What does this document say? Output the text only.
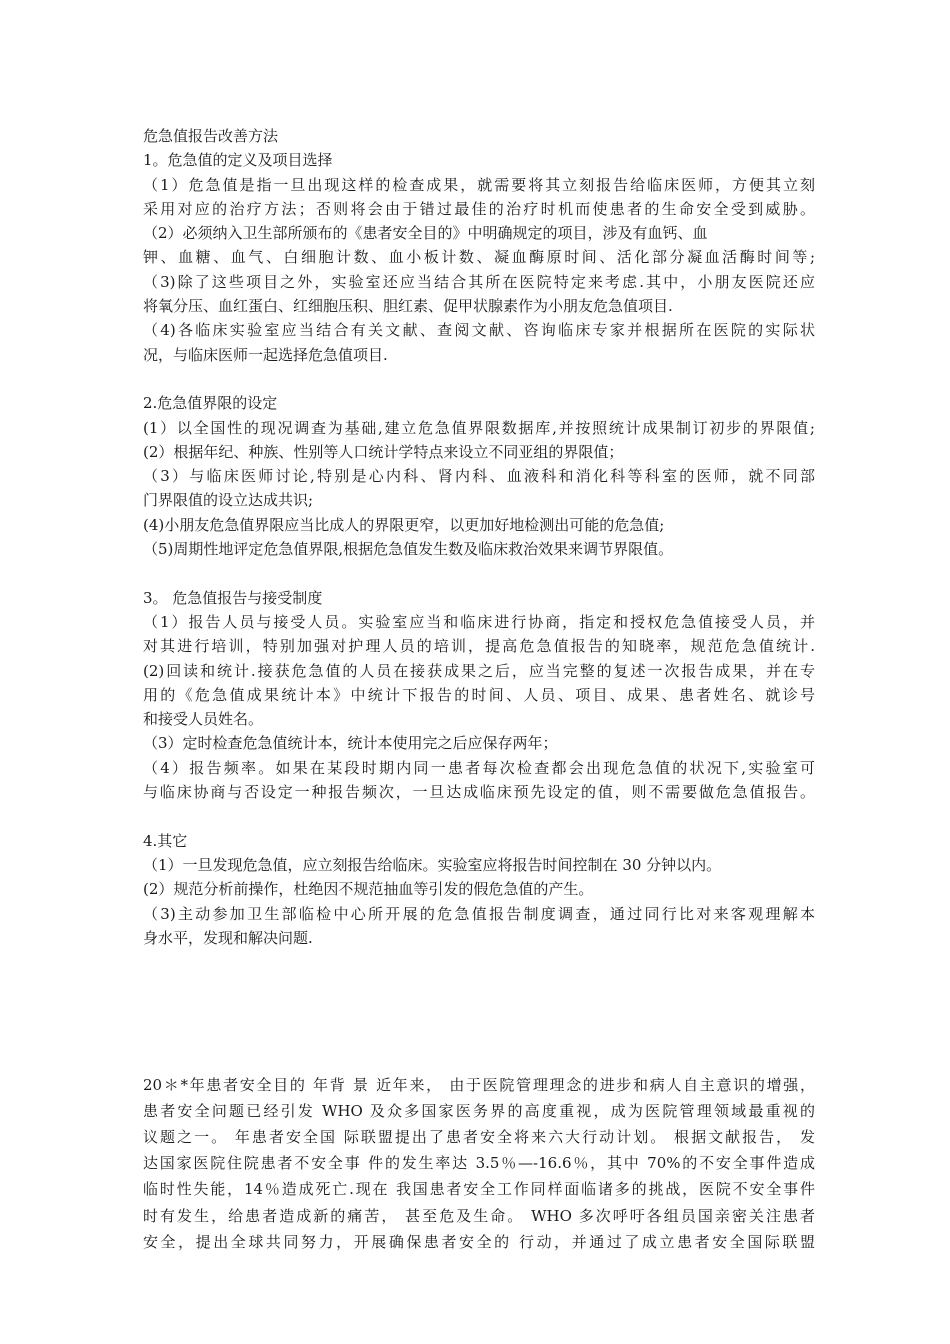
危急值报告改善方法
1。危急值的定义及项目选择
（1）危急值是指一旦出现这样的检查成果，就需要将其立刻报告给临床医师，方便其立刻
采用对应的治疗方法；否则将会由于错过最佳的治疗时机而使患者的生命安全受到威胁。
（2）必须纳入卫生部所颁布的《患者安全目的》中明确规定的项目，涉及有血钙、血
钾、血糖、血气、白细胞计数、血小板计数、凝血酶原时间、活化部分凝血活酶时间等;
（3)除了这些项目之外，实验室还应当结合其所在医院特定来考虑.其中，小朋友医院还应
将氧分压、血红蛋白、红细胞压积、胆红素、促甲状腺素作为小朋友危急值项目.
（4)各临床实验室应当结合有关文献、查阅文献、咨询临床专家并根据所在医院的实际状
况，与临床医师一起选择危急值项目.
2.危急值界限的设定
(1）以全国性的现况调查为基础,建立危急值界限数据库,并按照统计成果制订初步的界限值;
(2）根据年纪、种族、性别等人口统计学特点来设立不同亚组的界限值；
（3）与临床医师讨论,特别是心内科、肾内科、血液科和消化科等科室的医师，就不同部
门界限值的设立达成共识;
(4)小朋友危急值界限应当比成人的界限更窄，以更加好地检测出可能的危急值;
（5)周期性地评定危急值界限,根据危急值发生数及临床救治效果来调节界限值。
3。 危急值报告与接受制度
（1）报告人员与接受人员。实验室应当和临床进行协商，指定和授权危急值接受人员，并
对其进行培训，特别加强对护理人员的培训，提高危急值报告的知晓率，规范危急值统计.
(2)回读和统计.接获危急值的人员在接获成果之后，应当完整的复述一次报告成果，并在专
用的《危急值成果统计本》中统计下报告的时间、人员、项目、成果、患者姓名、就诊号
和接受人员姓名。
（3）定时检查危急值统计本，统计本使用完之后应保存两年；
（4）报告频率。如果在某段时期内同一患者每次检查都会出现危急值的状况下,实验室可
与临床协商与否设定一种报告频次，一旦达成临床预先设定的值，则不需要做危急值报告。
4.其它
（1）一旦发现危急值，应立刻报告给临床。实验室应将报告时间控制在 30 分钟以内。
(2）规范分析前操作，杜绝因不规范抽血等引发的假危急值的产生。
（3)主动参加卫生部临检中心所开展的危急值报告制度调查，通过同行比对来客观理解本
身水平，发现和解决问题.
20＊*年患者安全目的 年背 景 近年来， 由于医院管理理念的进步和病人自主意识的增强，
患者安全问题已经引发 WHO 及众多国家医务界的高度重视，成为医院管理领域最重视的
议题之一。 年患者安全国 际联盟提出了患者安全将来六大行动计划。 根据文献报告， 发
达国家医院住院患者不安全事 件的发生率达 3.5％—-16.6％，其中 70%的不安全事件造成
临时性失能，14％造成死亡.现在 我国患者安全工作同样面临诸多的挑战，医院不安全事件
时有发生，给患者造成新的痛苦， 甚至危及生命。 WHO 多次呼吁各组员国亲密关注患者
安全，提出全球共同努力，开展确保患者安全的 行动，并通过了成立患者安全国际联盟
